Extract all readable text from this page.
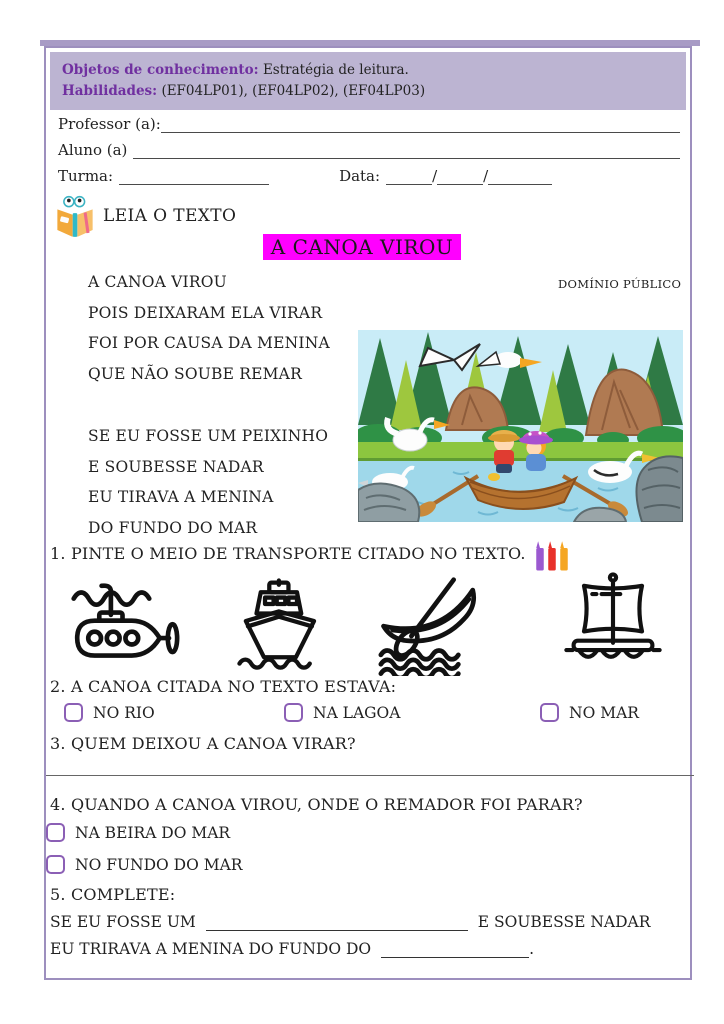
Objetos de conhecimento: Estratégia de leitura.
Habilidades: (EF04LP01), (EF04LP02), (EF04LP03)
Professor (a):
Aluno (a)
Turma:	Data:	/	/
LEIA O TEXTO
A CANOA VIROU
A CANOA VIROU
POIS DEIXARAM ELA VIRAR
FOI POR CAUSA DA MENINA
QUE NÃO SOUBE REMAR
SE EU FOSSE UM PEIXINHO
E SOUBESSE NADAR
EU TIRAVA A MENINA
DO FUNDO DO MAR
DOMÍNIO PÚBLICO
1. PINTE O MEIO DE TRANSPORTE CITADO NO TEXTO.
2. A CANOA CITADA NO TEXTO ESTAVA:
NO RIO	NA LAGOA	NO MAR
3. QUEM DEIXOU A CANOA VIRAR?
4. QUANDO A CANOA VIROU, ONDE O REMADOR FOI PARAR?
NA BEIRA DO MAR
NO FUNDO DO MAR
5. COMPLETE:
SE EU FOSSE UM	E SOUBESSE NADAR
EU TRIRAVA A MENINA DO FUNDO DO	.
